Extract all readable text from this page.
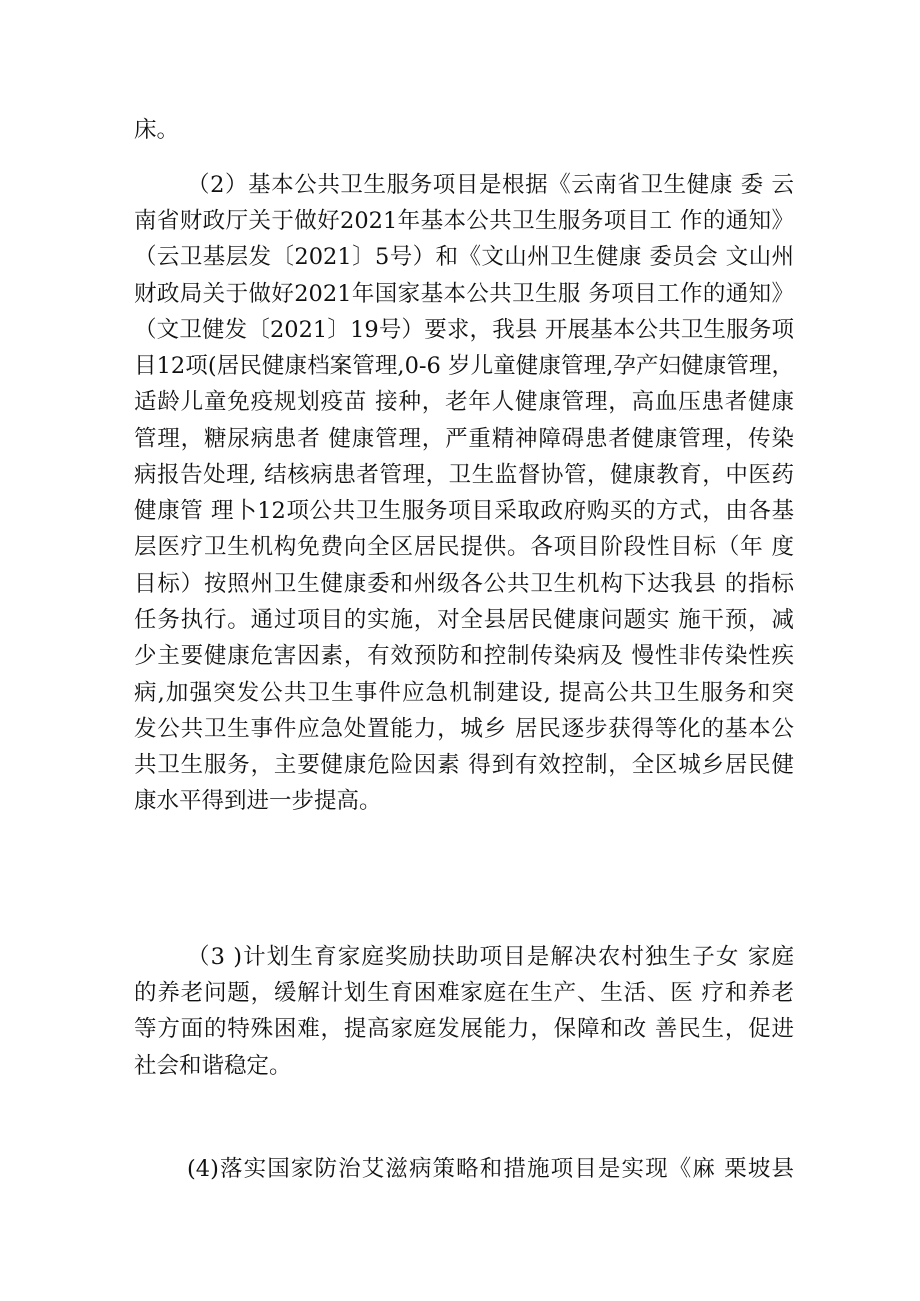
床。
（2）基本公共卫生服务项目是根据《云南省卫生健康 委 云
南省财政厅关于做好2021年基本公共卫生服务项目工 作的通知》
（云卫基层发〔2021〕5号）和《文山州卫生健康 委员会 文山州
财政局关于做好2021年国家基本公共卫生服 务项目工作的通知》
（文卫健发〔2021〕19号）要求，我县 开展基本公共卫生服务项
目12项(居民健康档案管理,0-6 岁儿童健康管理,孕产妇健康管理，
适龄儿童免疫规划疫苗 接种，老年人健康管理，高血压患者健康
管理，糖尿病患者 健康管理，严重精神障碍患者健康管理，传染
病报告处理, 结核病患者管理，卫生监督协管，健康教育，中医药
健康管 理卜12项公共卫生服务项目采取政府购买的方式，由各基
层医疗卫生机构免费向全区居民提供。各项目阶段性目标（年 度
目标）按照州卫生健康委和州级各公共卫生机构下达我县 的指标
任务执行。通过项目的实施，对全县居民健康问题实 施干预，减
少主要健康危害因素，有效预防和控制传染病及 慢性非传染性疾
病,加强突发公共卫生事件应急机制建设, 提高公共卫生服务和突
发公共卫生事件应急处置能力，城乡 居民逐步获得等化的基本公
共卫生服务，主要健康危险因素 得到有效控制，全区城乡居民健
康水平得到进一步提高。
（3 )计划生育家庭奖励扶助项目是解决农村独生子女 家庭
的养老问题，缓解计划生育困难家庭在生产、生活、医 疗和养老
等方面的特殊困难，提高家庭发展能力，保障和改 善民生，促进
社会和谐稳定。
(4)落实国家防治艾滋病策略和措施项目是实现《麻 栗坡县
